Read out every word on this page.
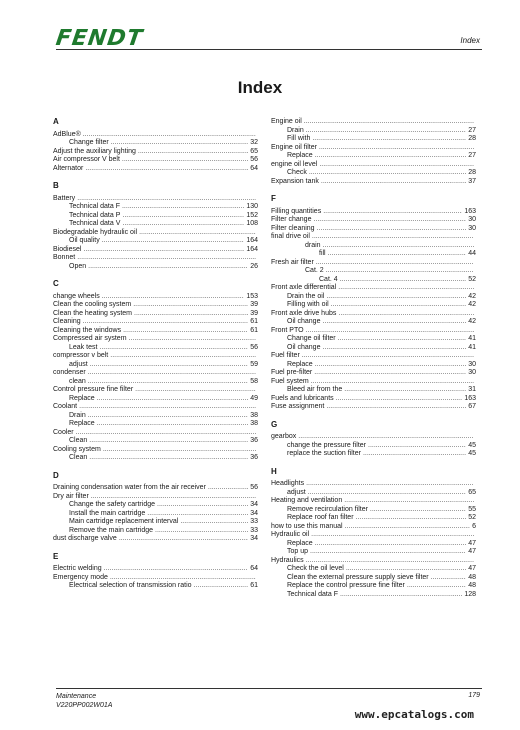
FENDT	Index
Index
A
AdBlue®
.....
Change filter .....	32
Adjust the auxiliary lighting .....	65
Air compressor V belt .....	56
Alternator .....	64
B
Battery
.....
Technical data F .....	130
Technical data P .....	152
Technical data V .....	108
Biodegradable hydraulic oil
.....
Oil quality .....	164
Biodiesel .....	164
Bonnet
.....
Open .....	26
C
change wheels .....	153
Clean the cooling system .....	39
Clean the heating system .....	39
Cleaning .....	61
Cleaning the windows .....	61
Compressed air system
.....
Leak test .....	56
compressor v belt
.....
adjust .....	59
condenser
.....
clean .....	58
Control pressure fine filter
.....
Replace .....	49
Coolant
.....
Drain .....	38
Replace .....	38
Cooler
.....
Clean .....	36
Cooling system
.....
Clean .....	36
D
Draining condensation water from the air receiver .....	56
Dry air filter
.....
Change the safety cartridge .....	34
Install the main cartridge .....	34
Main cartridge replacement interval .....	33
Remove the main cartridge .....	33
dust discharge valve .....	34
E
Electric welding .....	64
Emergency mode
.....
Electrical selection of transmission ratio .....	61
Engine oil
.....
Drain .....	27
Fill with .....	28
Engine oil filter
.....
Replace .....	27
engine oil level
.....
Check .....	28
Expansion tank .....	37
F
Filling quantities .....	163
Filter change .....	30
Filter cleaning .....	30
final drive oil
.....
drain
.....
fill .....	44
Fresh air filter
.....
Cat. 2
.....
Cat. 4 .....	52
Front axle differential
.....
Drain the oil .....	42
Filling with oil .....	42
Front axle drive hubs
.....
Oil change .....	42
Front PTO
.....
Change oil filter .....	41
Oil change .....	41
Fuel filter
.....
Replace .....	30
Fuel pre-filter .....	30
Fuel system
.....
Bleed air from the .....	31
Fuels and lubricants .....	163
Fuse assignment .....	67
G
gearbox
.....
change the pressure filter .....	45
replace the suction filter .....	45
H
Headlights
.....
adjust .....	65
Heating and ventilation
.....
Remove recirculation filter .....	55
Replace roof fan filter .....	52
how to use this manual .....	6
Hydraulic oil
.....
Replace .....	47
Top up .....	47
Hydraulics
.....
Check the oil level .....	47
Clean the external pressure supply sieve filter .....	48
Replace the control pressure fine filter .....	48
Technical data F .....	128
Maintenance
V220PP002W01A
179
www.epcatalogs.com
